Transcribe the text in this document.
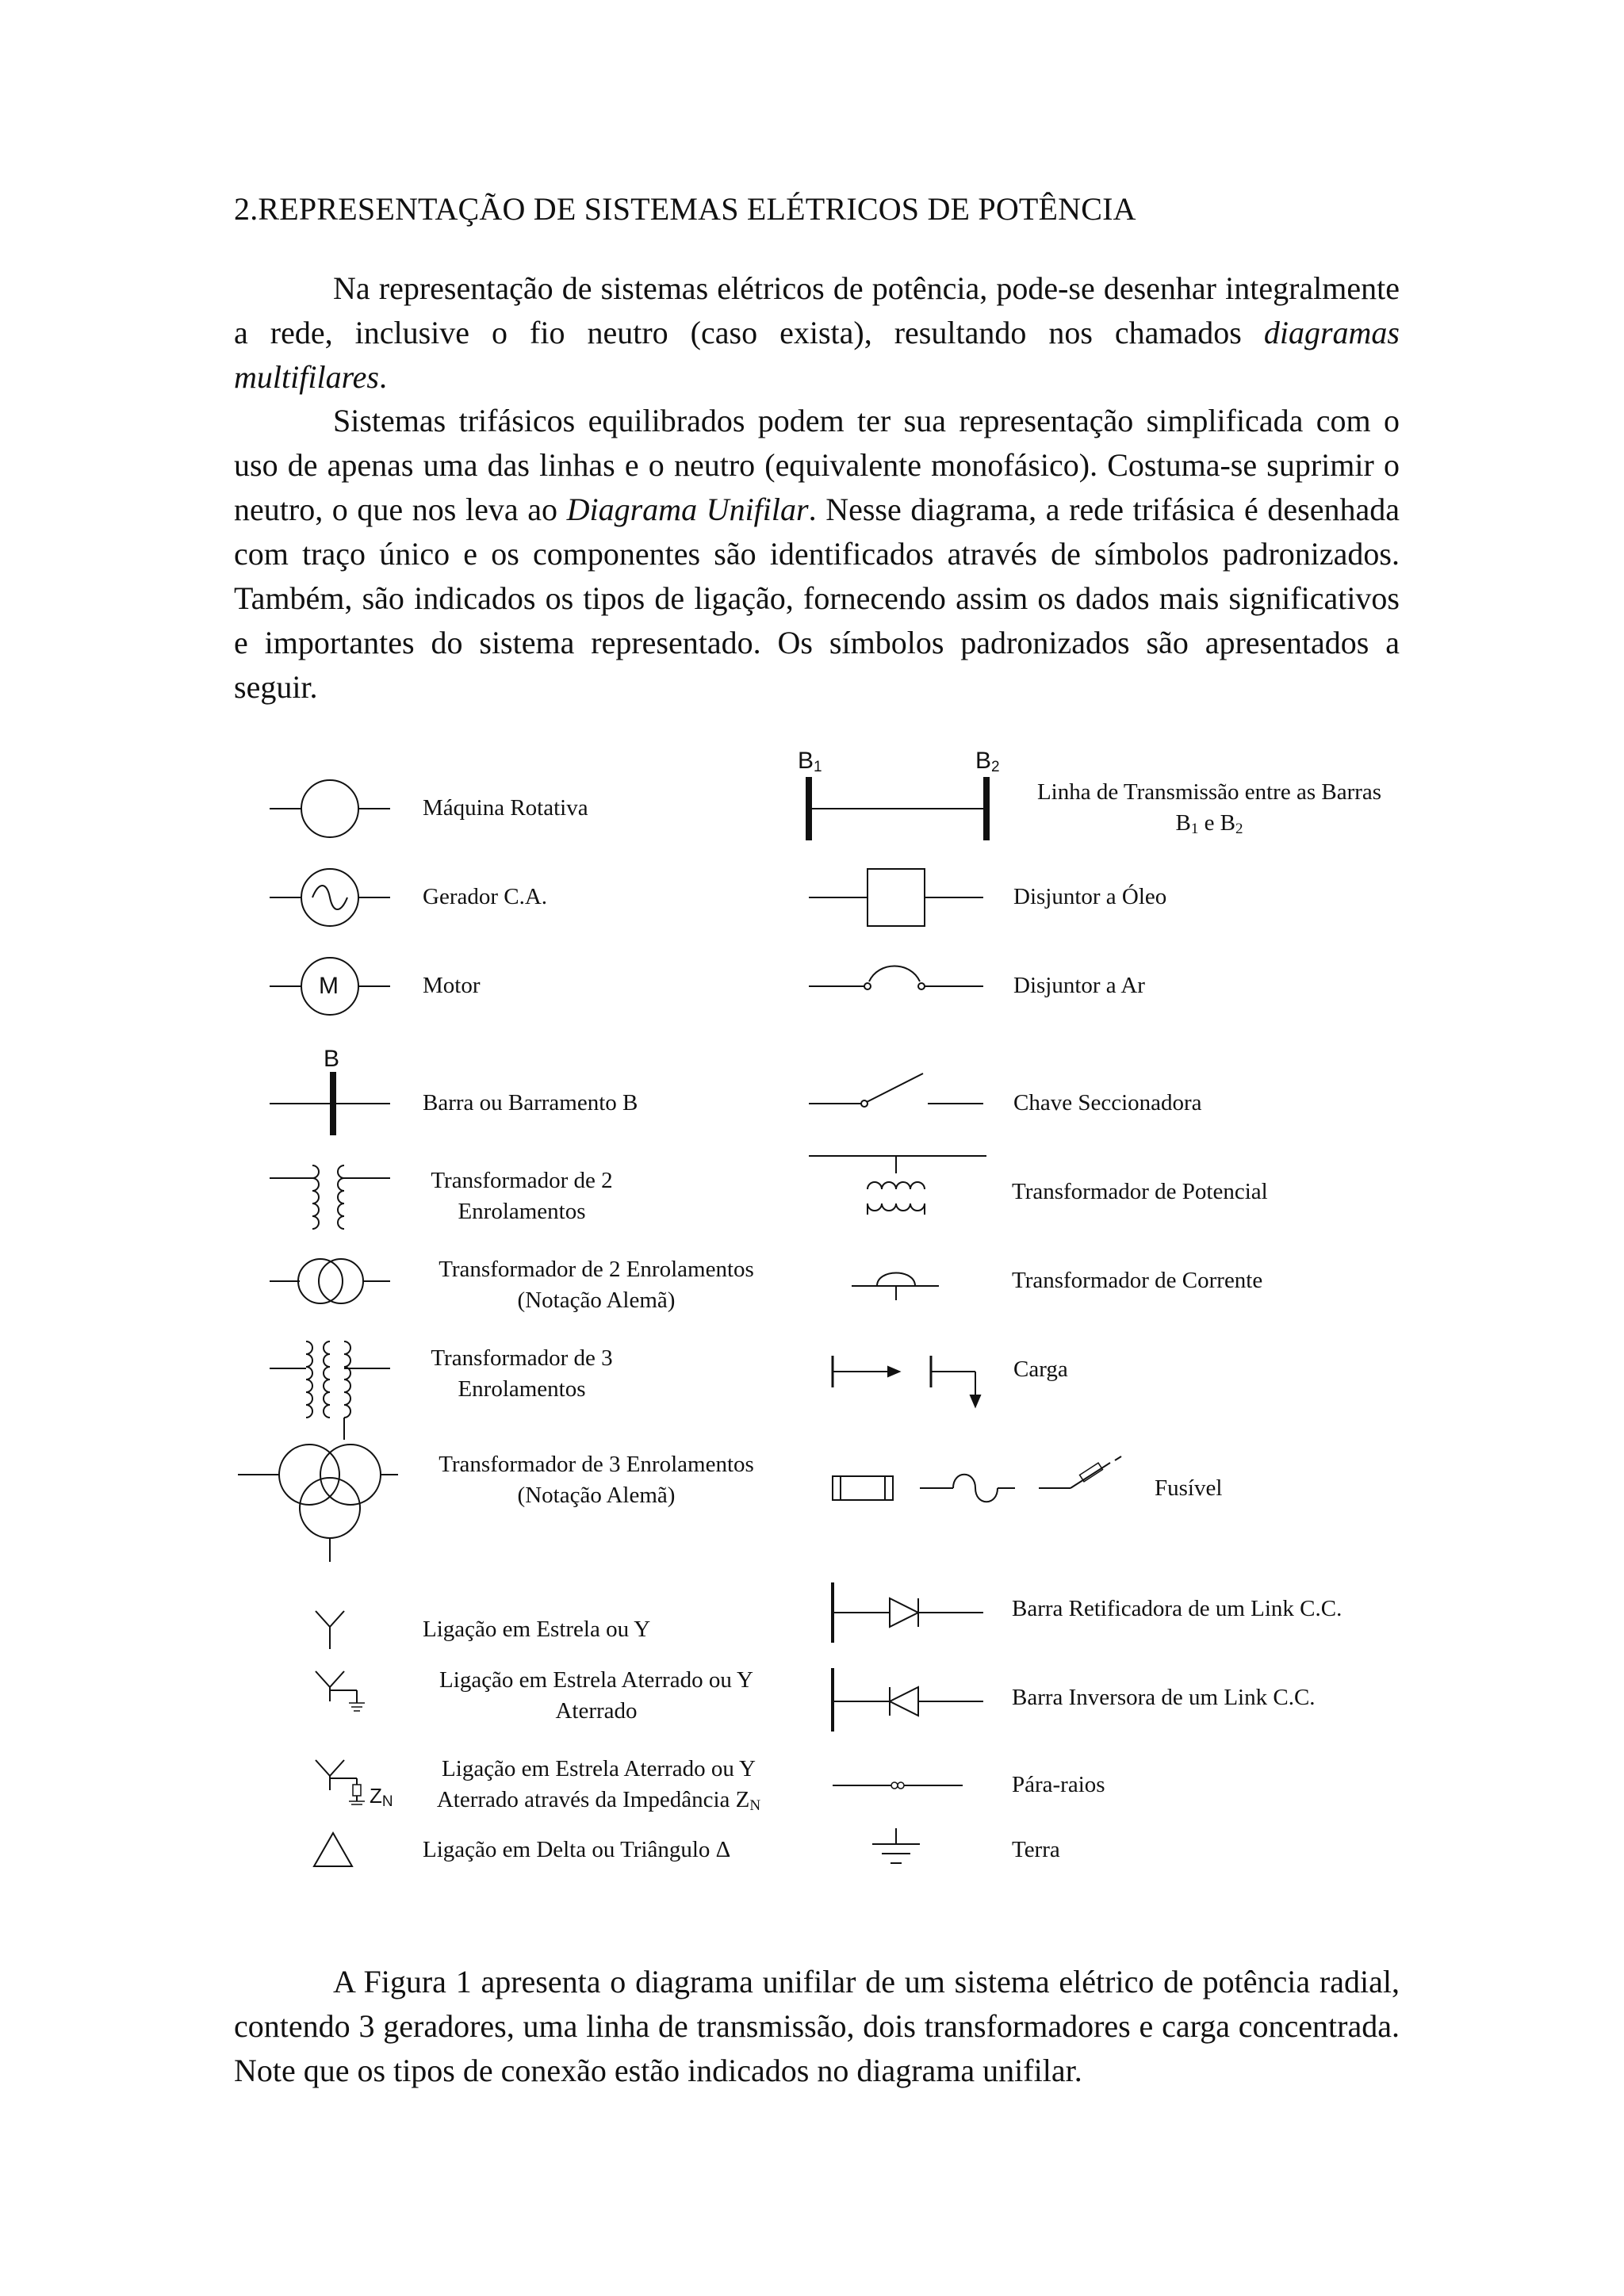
2.REPRESENTAÇÃO DE SISTEMAS ELÉTRICOS DE POTÊNCIA

Na representação de sistemas elétricos de potência, pode-se desenhar integralmente a rede, inclusive o fio neutro (caso exista), resultando nos chamados diagramas multifilares.

Sistemas trifásicos equilibrados podem ter sua representação simplificada com o uso de apenas uma das linhas e o neutro (equivalente monofásico). Costuma-se suprimir o neutro, o que nos leva ao Diagrama Unifilar. Nesse diagrama, a rede trifásica é desenhada com traço único e os componentes são identificados através de símbolos padronizados. Também, são indicados os tipos de ligação, fornecendo assim os dados mais significativos e importantes do sistema representado. Os símbolos padronizados são apresentados a seguir.

M
B
$Z_N$
$B_1$	$B_2$
Máquina Rotativa
Gerador C.A.
Motor
Barra ou Barramento B
Transformador de 2
Enrolamentos
Transformador de 2 Enrolamentos
(Notação Alemã)
Transformador de 3
Enrolamentos
Transformador de 3 Enrolamentos
(Notação Alemã)
Ligação em Estrela ou Y
Ligação em Estrela Aterrado ou Y
Aterrado
Ligação em Estrela Aterrado ou Y
Aterrado através da Impedância $Z_N$
Ligação em Delta ou Triângulo Δ
Linha de Transmissão entre as Barras
$B_1$ e $B_2$
Disjuntor a Óleo
Disjuntor a Ar
Chave Seccionadora
Transformador de Potencial
Transformador de Corrente
Carga
Fusível
Barra Retificadora de um Link C.C.
Barra Inversora de um Link C.C.
Pára-raios
Terra

A Figura 1 apresenta o diagrama unifilar de um sistema elétrico de potência radial, contendo 3 geradores, uma linha de transmissão, dois transformadores e carga concentrada. Note que os tipos de conexão estão indicados no diagrama unifilar.
